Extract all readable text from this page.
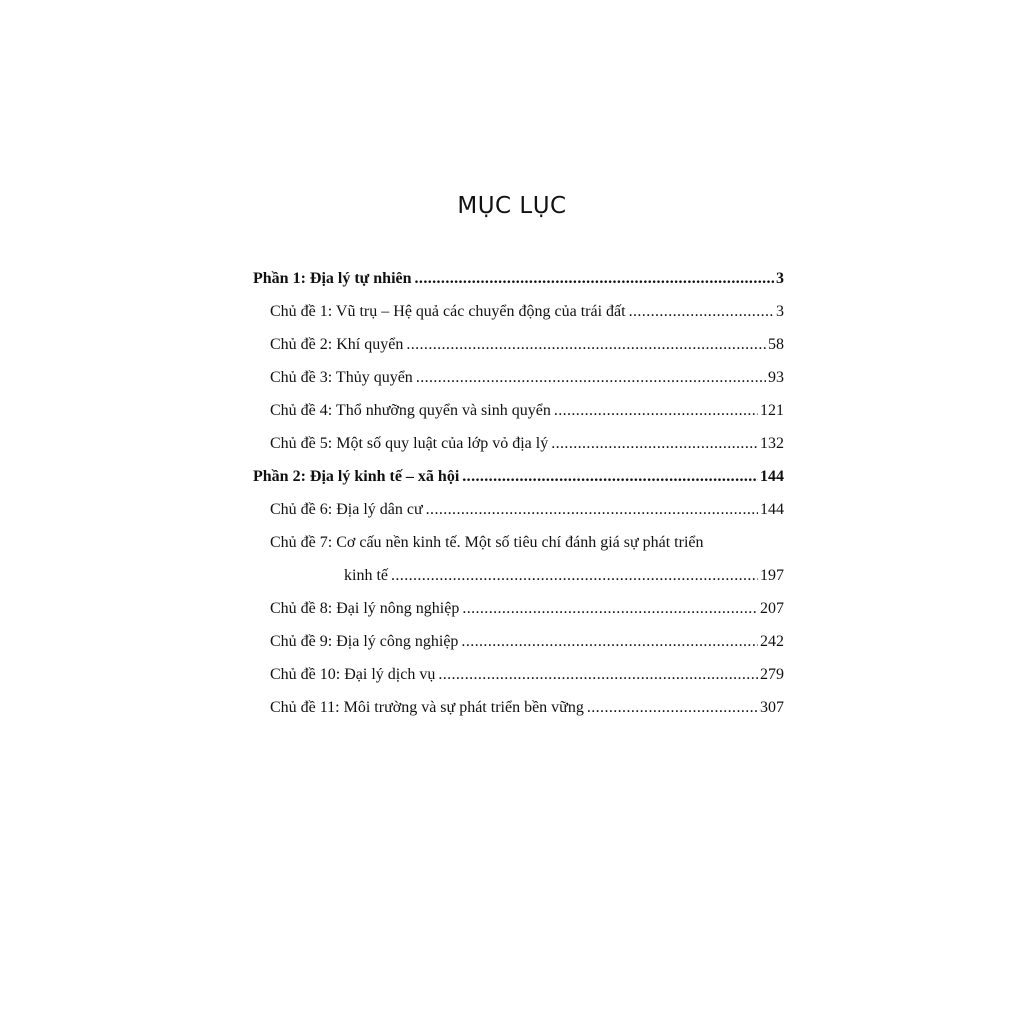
MỤC LỤC
Phần 1: Địa lý tự nhiên .....	3
Chủ đề 1: Vũ trụ – Hệ quả các chuyển động của trái đất .....	3
Chủ đề 2: Khí quyển .....	58
Chủ đề 3: Thủy quyển .....	93
Chủ đề 4: Thổ nhưỡng quyển và sinh quyển .....	121
Chủ đề 5: Một số quy luật của lớp vỏ địa lý .....	132
Phần 2: Địa lý kinh tế – xã hội .....	144
Chủ đề 6: Địa lý dân cư .....	144
Chủ đề 7: Cơ cấu nền kinh tế. Một số tiêu chí đánh giá sự phát triển
kinh tế .....	197
Chủ đề 8: Đại lý nông nghiệp .....	207
Chủ đề 9: Địa lý công nghiệp .....	242
Chủ đề 10: Đại lý dịch vụ .....	279
Chủ đề 11: Môi trường và sự phát triển bền vững .....	307
